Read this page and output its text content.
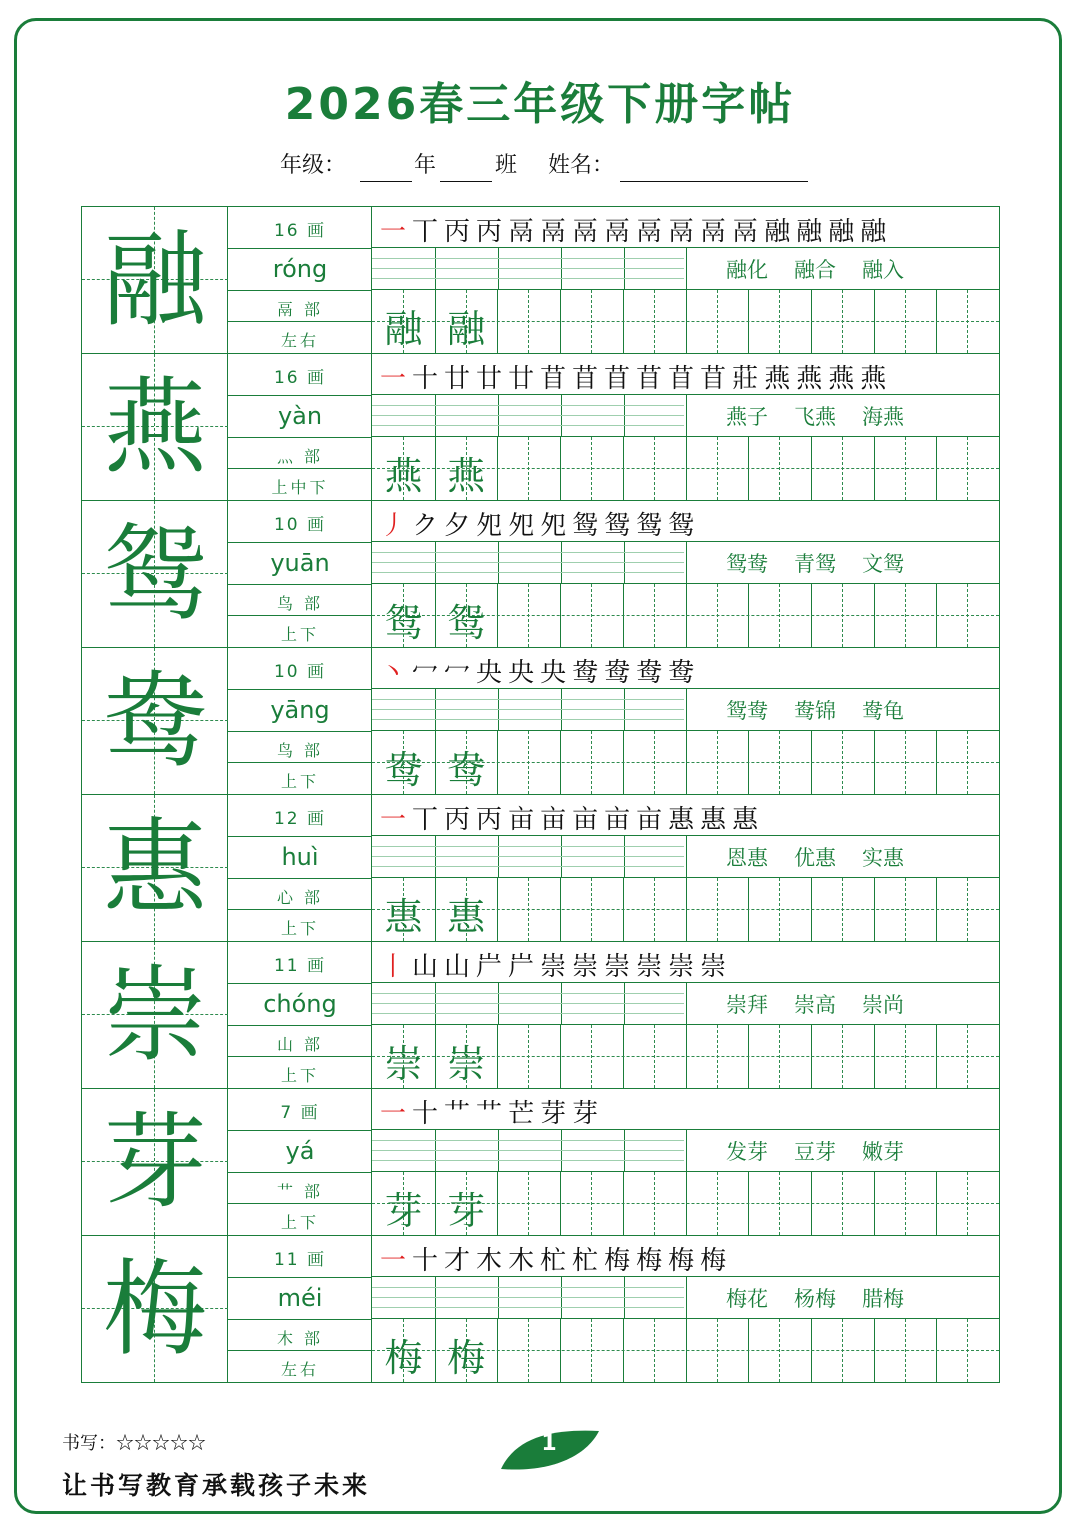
2026春三年级下册字帖
年级：	年	班 姓名：
融	16 画
róng
鬲 部
左右
一丅丙丙鬲鬲鬲鬲鬲鬲鬲鬲融融融融
融化 融合 融入
融 融
燕	16 画
yàn
灬 部
上中下
一十廿廿廿苜苜苜苜苜苜莊燕燕燕燕
燕子 飞燕 海燕
燕 燕
鸳	10 画
yuān
鸟 部
上下
丿ク夕夗夗夗鸳鸳鸳鸳
鸳鸯 青鸳 文鸳
鸳 鸳
鸯	10 画
yāng
鸟 部
上下
丶冖冖央央央鸯鸯鸯鸯
鸳鸯 鸯锦 鸯龟
鸯 鸯
惠	12 画
huì
心 部
上下
一丅丙丙亩亩亩亩亩惠惠惠
恩惠 优惠 实惠
惠 惠
崇	11 画
chóng
山 部
上下
丨山山屵屵崇崇崇崇崇崇
崇拜 崇高 崇尚
崇 崇
芽	7 画
yá
艹 部
上下
一十艹艹芒芽芽
发芽 豆芽 嫩芽
芽 芽
梅	11 画
méi
木 部
左右
一十才木木杧杧梅梅梅梅
梅花 杨梅 腊梅
梅 梅
书写：☆☆☆☆☆
让书写教育承载孩子未来
1
